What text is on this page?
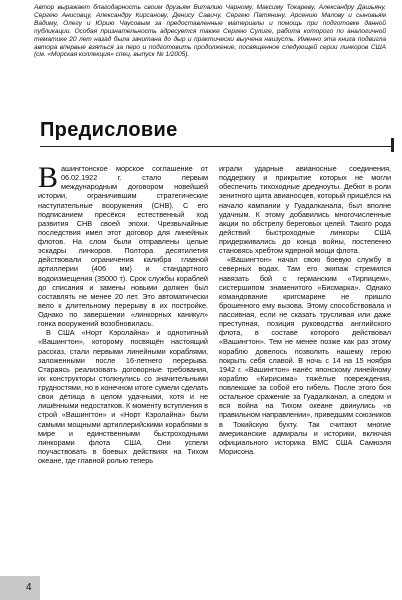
Автор выражает благодарность своим друзьям Виталию Чарному, Максиму Токареву, Александру Дашьяну, Сергею Анисовцу, Александру Кирсанову, Денису Савичу, Сергею Патянину, Арсению Малову и сыновьям Вадиму, Олегу и Юрию Чаусовым за предоставленные материалы и помощь при подготовке данной публикации. Особая признательность адресуется также Сергею Сулиге, работа которого по аналогичной тематике 20 лет назад была зачитана до дыр и практически выучена наизусть. Именно эта книга подвигла автора впервые взяться за перо и подготовить продолжение, посвященное следующей серии линкоров США (см. «Морская коллекция» спец. выпуск № 1/2005).

Предисловие

Вашингтонское морское соглашение от 06.02.1922 г. стало первым международным договором новейшей истории, ограничившим стратегические наступательные вооружения (СНВ). С его подписанием пресёкся естественный ход развития СНВ своей эпохи. Чрезвычайные последствия имел этот договор для линейных флотов. На слом были отправлены целые эскадры линкоров. Полтора десятилетия действовали ограничения калибра главной артиллерии (406 мм) и стандартного водоизмещения (35000 т). Срок службы кораблей до списания и замены новыми должен был составлять не менее 20 лет. Это автоматически вело к длительному перерыву в их постройке. Однако по завершении «линкорных каникул» гонка вооружений возобновилась.

В США «Норт Кэролайна» и однотипный «Вашингтон», которому посвящён настоящий рассказ, стали первыми линейными кораблями, заложенными после 16-летнего перерыва. Стараясь реализовать договорные требования, их конструкторы столкнулись со значительными трудностями, но в конечном итоге сумели сделать свои детища в целом удачными, хотя и не лишёнными недостатков. К моменту вступления в строй «Вашингтон» и «Норт Кэролайна» были самыми мощными артиллерийскими кораблями в мире и единственными быстроходными линкорами флота США. Они успели поучаствовать в боевых действиях на Тихом океане, где главной ролью теперь

играли ударные авианосные соединения, поддержку и прикрытие которых не могли обеспечить тихоходные дредноуты. Дебют в роли зенитного щита авианосцев, который пришёлся на начало кампании у Гуадалканала, был вполне удачным. К этому добавились многочисленные акции по обстрелу береговых целей. Такого рода действий быстроходные линкоры США придерживались до конца войны, постепенно становясь хребтом ядерной мощи флота.

«Вашингтон» начал свою боевую службу в северных водах. Там его экипаж стремился навязать бой с германским «Тирпицем», систершипом знаменитого «Бисмарка». Однако командование кригсмарине не пришло брошенного ему вызова. Этому способствовала и пассивная, если не сказать трусливая или даже преступная, позиция руководства английского флота, в составе которого действовал «Вашингтон». Тем не менее позже как раз этому кораблю довелось позволить нашему герою покрыть себя славой. В ночь с 14 на 15 ноября 1942 г. «Вашингтон» нанёс японскому линейному кораблю «Кирисима» тяжёлые повреждения, повлекшие за собой его гибель. После этого боя остальное сражение за Гуадалканал, а следом и вся война на Тихом океане двинулись «в правильном направлении», приведшим союзников в Токийскую бухту. Так считают многие американские адмиралы и историки, включая официального историка ВМС США Самюэля Морисона.

4
